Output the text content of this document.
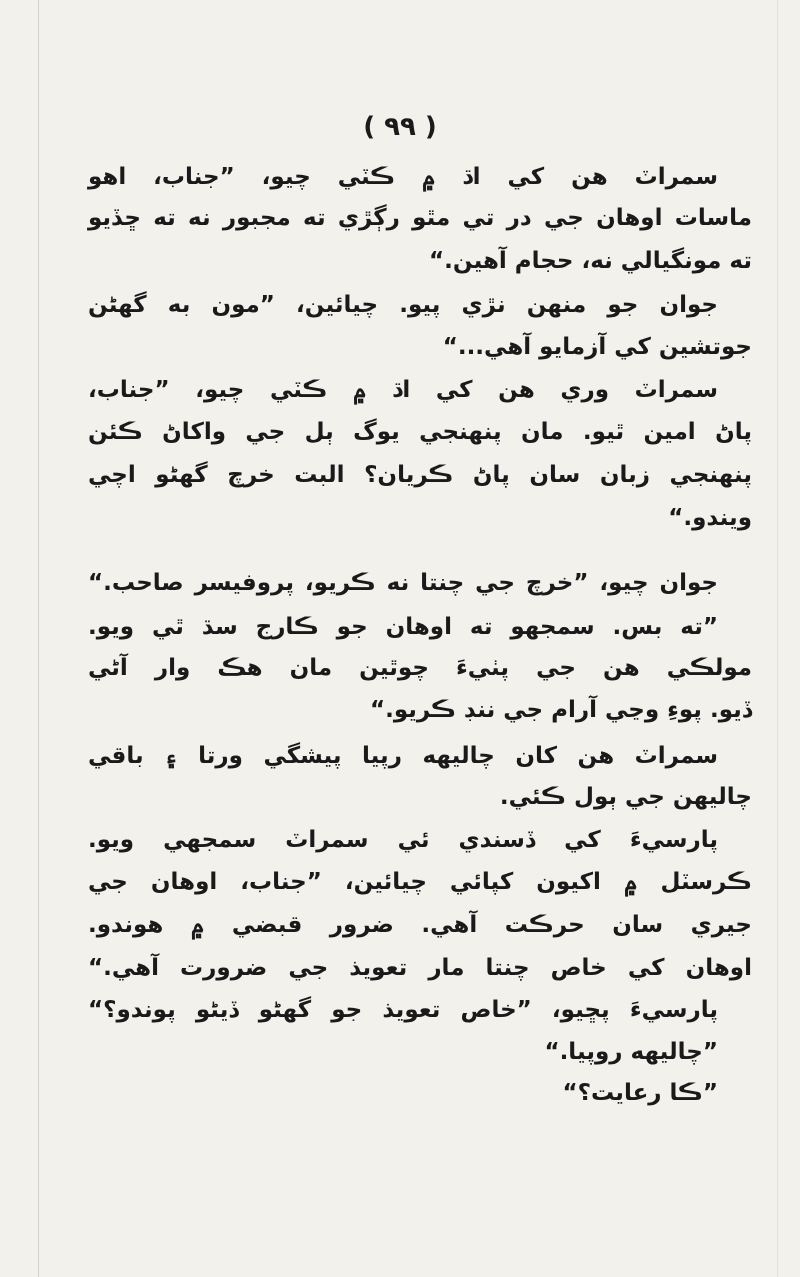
( ٩٩ )
سمراٽ هن کي اڌ ۾ ڪٽي چيو، ”جناب، اهو
ماسات اوهان جي در تي مٿو رڳڙي ته مجبور نه ته ڇڏيو
ته مونگيالي نه، حجام آهين.“
جوان جو منهن نڙي پيو. چيائين، ”مون به گهڻن
جوتشين کي آزمايو آهي...“
سمراٽ وري هن کي اڌ ۾ ڪٽي چيو، ”جناب،
پاڻ امين ٿيو. مان پنهنجي يوگ ٻل جي واکاڻ ڪئن
پنهنجي زبان سان پاڻ ڪريان؟ البت خرچ گهڻو اچي
ويندو.“
جوان چيو، ”خرچ جي چنتا نه ڪريو، پروفيسر صاحب.“
”ته بس. سمجهو ته اوهان جو ڪارج سڌ ٿي ويو.
مولڪي هن جي پٺيءَ چوٿين مان هڪ وار آڻي
ڏيو. پوءِ وڃي آرام جي ننڊ ڪريو.“
سمراٽ هن کان چاليهه رپيا پيشگي ورتا ۽ باقي
چاليهن جي ٻول ڪئي.
پارسيءَ کي ڏسندي ئي سمراٽ سمجهي ويو.
ڪرسٽل ۾ اکيون کپائي چيائين، ”جناب، اوهان جي
جيري سان حرڪت آهي. ضرور قبضي ۾ هوندو.
اوهان کي خاص چنتا مار تعويذ جي ضرورت آهي.“
پارسيءَ پڇيو، ”خاص تعويذ جو گهڻو ڏيڻو پوندو؟“
”چاليهه روپيا.“
”ڪا رعايت؟“
